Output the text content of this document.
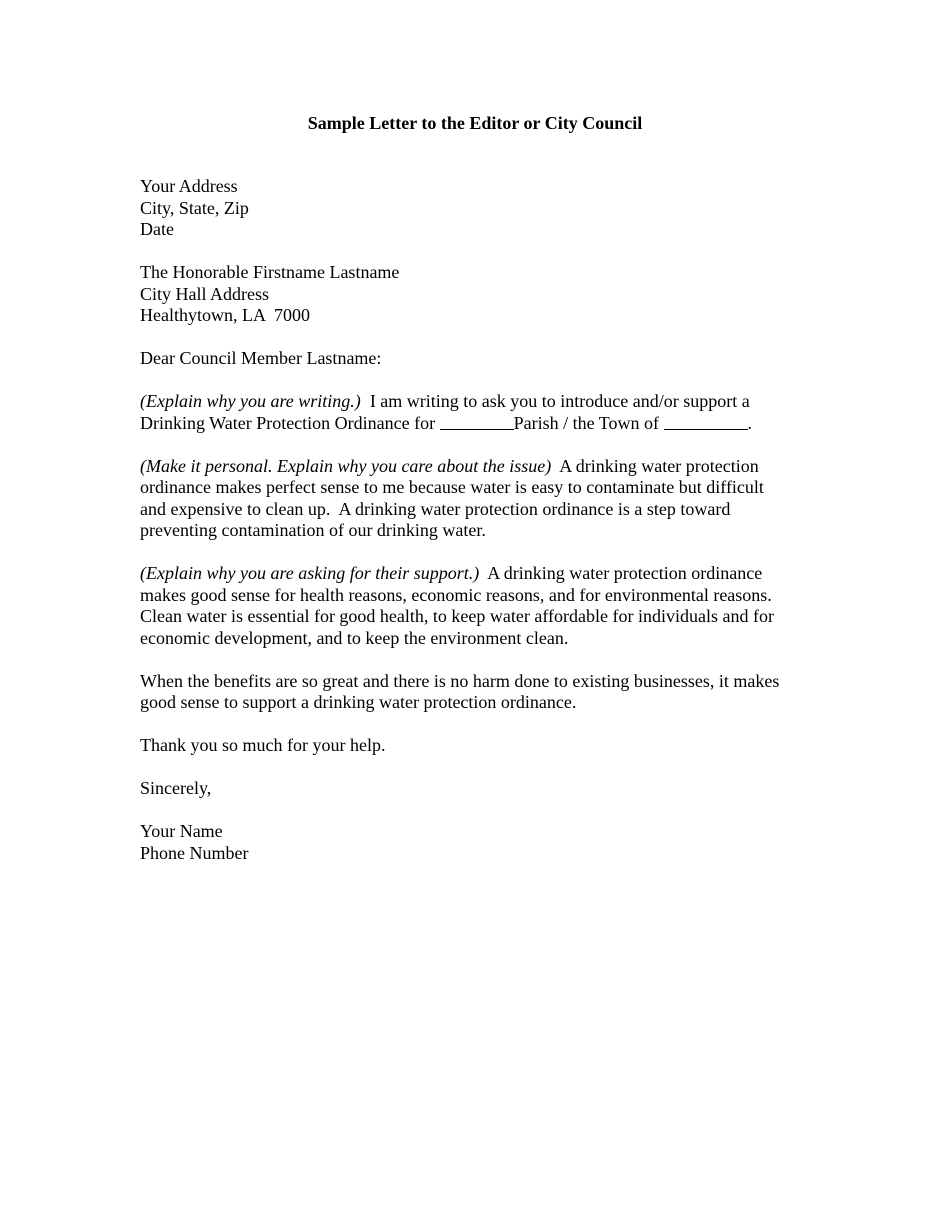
Sample Letter to the Editor or City Council
Your Address
City, State, Zip
Date
The Honorable Firstname Lastname
City Hall Address
Healthytown, LA  7000
Dear Council Member Lastname:
(Explain why you are writing.)  I am writing to ask you to introduce and/or support a
Drinking Water Protection Ordinance for	Parish / the Town of	.
(Make it personal. Explain why you care about the issue)  A drinking water protection
ordinance makes perfect sense to me because water is easy to contaminate but difficult
and expensive to clean up.  A drinking water protection ordinance is a step toward
preventing contamination of our drinking water.
(Explain why you are asking for their support.)  A drinking water protection ordinance
makes good sense for health reasons, economic reasons, and for environmental reasons.
Clean water is essential for good health, to keep water affordable for individuals and for
economic development, and to keep the environment clean.
When the benefits are so great and there is no harm done to existing businesses, it makes
good sense to support a drinking water protection ordinance.
Thank you so much for your help.
Sincerely,
Your Name
Phone Number
